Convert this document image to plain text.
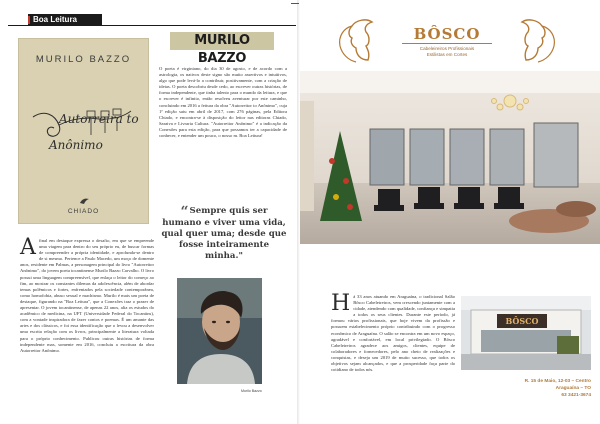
Boa Leitura
MURILO BAZZO
Autorreira to
Anônimo
CHIADO
MURILO BAZZO
O poeta é virginiano, do dia 30 de agosto, e de acordo com a astrologia, os nativos deste signo são muito assertivos e intuitivos, algo que pode levá-lo a contribuir, positivamente, com a criação de ideias. O poeta descobriu desde cedo, ao escrever outras histórias, de forma independente, que tinha talento para o mundo da leitura, e que o escrever é infinito, então resolveu aventurar por este caminho, concluindo em 2016 a feitura da obra "Autorreitor to Anônimo", cuja 1ª edição saiu em abril de 2017, com 276 páginas, pela Editora Chiado, e encontra-se à disposição do leitor nas editoras Chiado, Saraiva e Livraria Cultura. "Autorreitor Anônimo" é a indicação da Conexões para esta edição, para que possamos ter a capacidade de conhecer, e entender um pouco, o nosso m. Boa Leitura!
“Sempre quis ser humano e viver uma vida, qual quer uma; desde que fosse inteiramente minha."
A final em destaque expressa o desafio, em que se empreende uma viagem para dentro do seu próprio eu, de buscar formas de compreender a própria identidade, e aprofunda-se dentro de si mesmo. Pertence a Paulo Macedo, um moço de domente anos, residente em Palmas, a personagem principal do livro "Autorreitor Anônimo", do jovem poeta tocantinense Murilo Bazzo Carvalho. O livro possui uma linguagem compreensível, que enlaça o leitor do começo ao fim, ao mostrar os constantes dilemas da adolescência, além de abordar temas polêmicos e fortes, enfrentados pela sociedade contemporânea, como homofobia, abuso sexual e machismo. Murilo é mais um poeta de destaque, figurando na "Boa Leitura", que a Conexões traz o prazer de apresentar. O jovem tocantinense, de apenas 22 anos, alia os estudos do acadêmico de medicina, na UFT (Universidade Federal do Tocantins), com a vontade inspiradora de fazer contos e poemas. É um amante das artes e dos clássicos, e foi essa identificação que o levou a desenvolver uma escrita relação com os livros, principalmente a literatura voltada para o próprio conhecimento. Publicou outras histórias de forma independente mas, somente em 2016, concluiu a escritura da obra Autorreitor Anônimo.
Murilo Bazzo
BÔSCO
Cabeleireiros Profissionais
Estilistas em Cortes
H á 33 anos atuando em Araguaína, o tradicional Salão Bôsco Cabeleireiros, vem crescendo juntamente com a cidade, atendendo com qualidade, confiança e simpatia a todos os seus clientes. Durante este período, já formou vários profissionais, que hoje vivem da profissão e possuem estabelecimento próprio contribuindo com o progresso econômico de Araguaína. O salão se encontra em um novo espaço, agradável e confortável, em local privilegiado. O Bôsco Cabeleireiros agradece aos amigos, clientes, equipe de colaboradores e fornecedores, pelo ano cheio de realizações e conquistas, e deseja um 2019 de muito sucesso, que todos os objetivos sejam alcançados, e que a prosperidade faça parte do cotidiano de todos nós.
BÔSCO
R. 15 de Maio, 12-03 – Centro
Araguaína – TO
63 3421-3674
